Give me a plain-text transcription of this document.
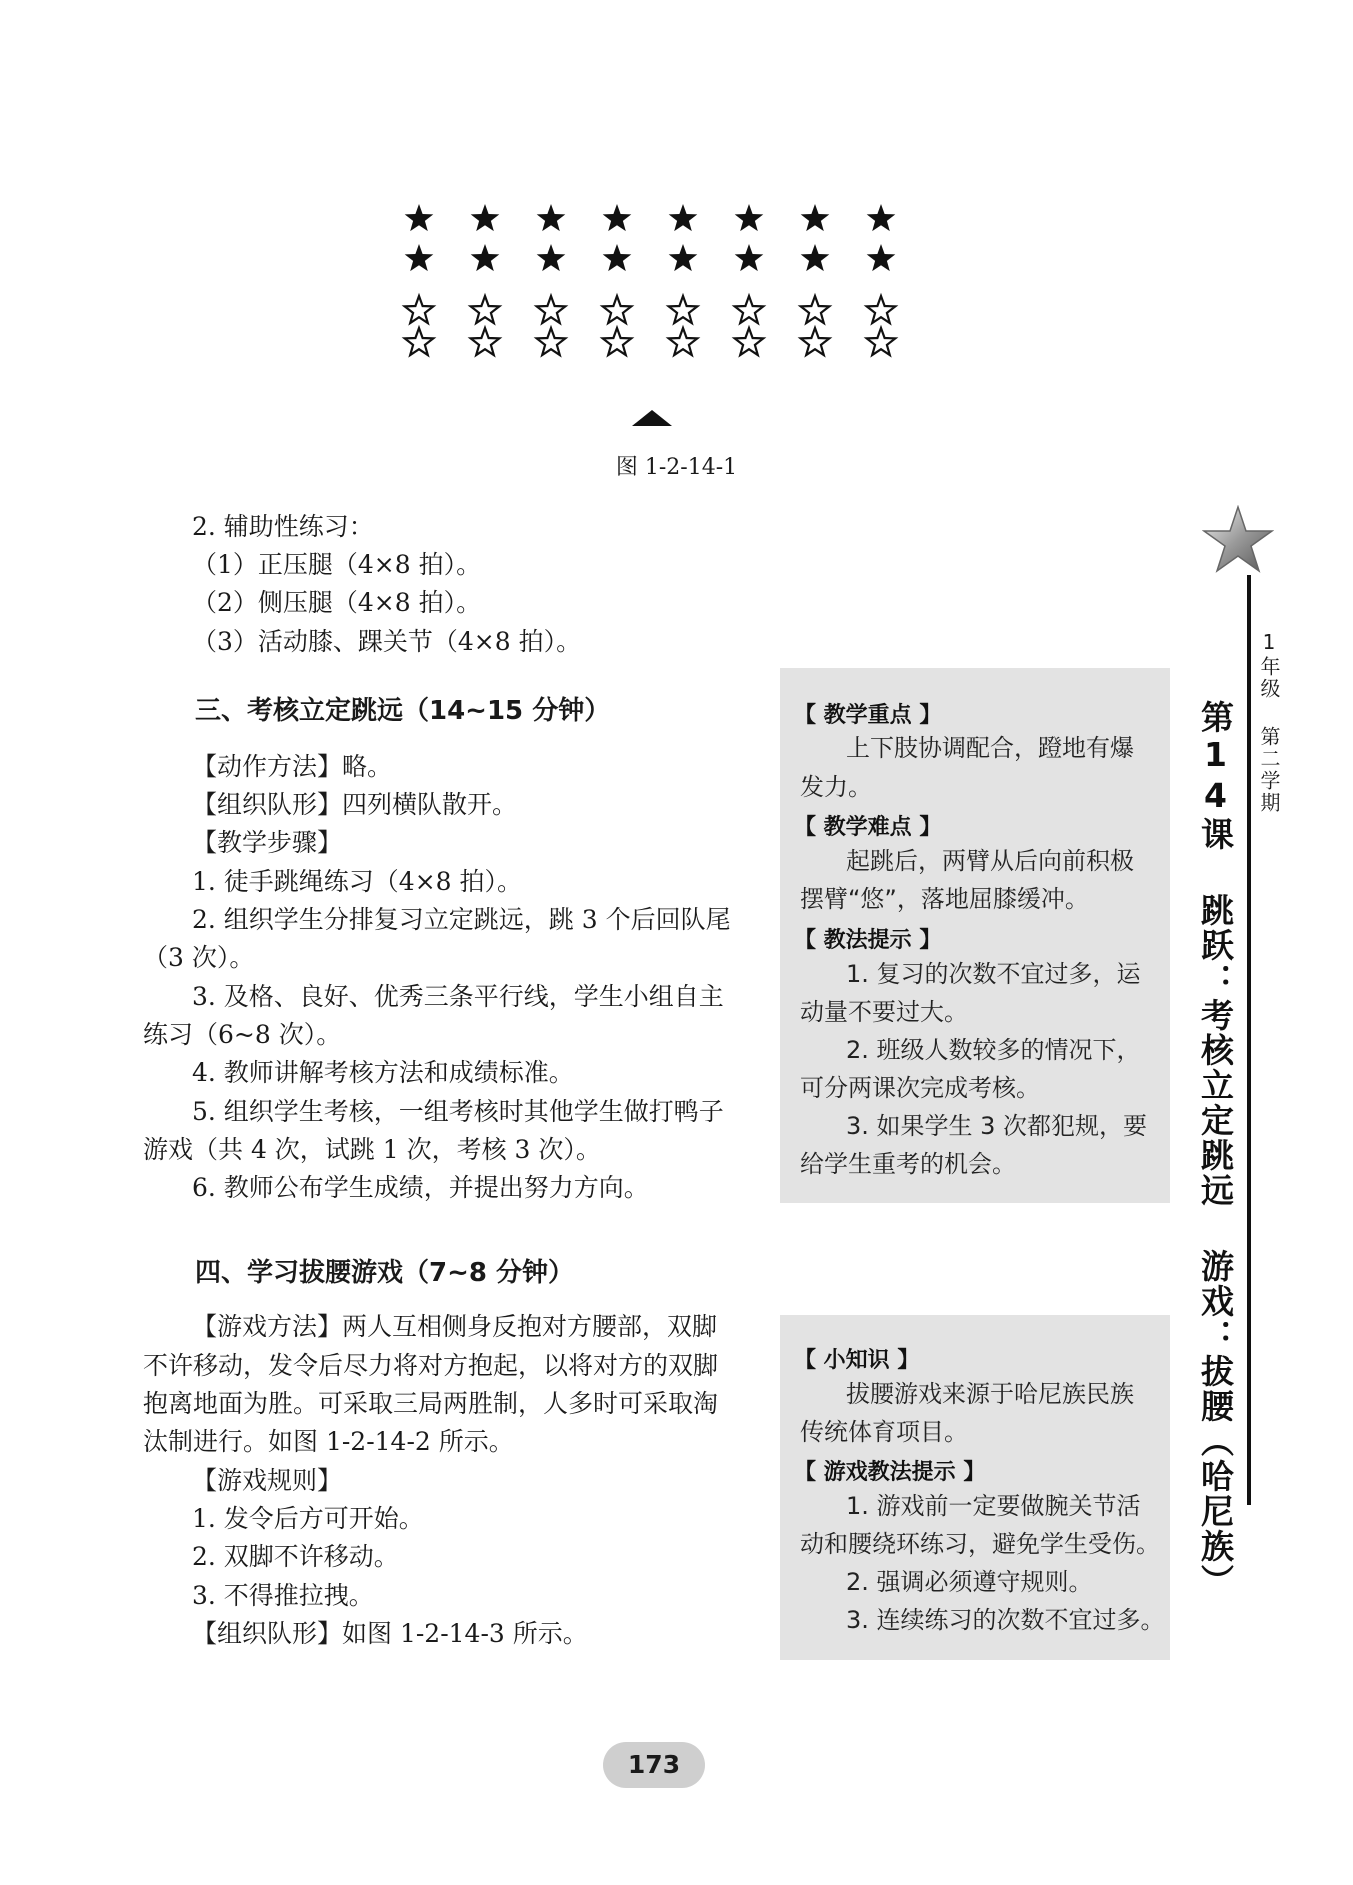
图 1-2-14-1
2. 辅助性练习：
（1）正压腿（4×8 拍）。
（2）侧压腿（4×8 拍）。
（3）活动膝、踝关节（4×8 拍）。
三、考核立定跳远（14~15 分钟）
【动作方法】略。
【组织队形】四列横队散开。
【教学步骤】
1. 徒手跳绳练习（4×8 拍）。
2. 组织学生分排复习立定跳远，跳 3 个后回队尾
（3 次）。
3. 及格、良好、优秀三条平行线，学生小组自主
练习（6~8 次）。
4. 教师讲解考核方法和成绩标准。
5. 组织学生考核，一组考核时其他学生做打鸭子
游戏（共 4 次，试跳 1 次，考核 3 次）。
6. 教师公布学生成绩，并提出努力方向。
四、学习拔腰游戏（7~8 分钟）
【游戏方法】两人互相侧身反抱对方腰部，双脚
不许移动，发令后尽力将对方抱起，以将对方的双脚
抱离地面为胜。可采取三局两胜制，人多时可采取淘
汰制进行。如图 1-2-14-2 所示。
【游戏规则】
1. 发令后方可开始。
2. 双脚不许移动。
3. 不得推拉拽。
【组织队形】如图 1-2-14-3 所示。
【 教学重点 】
上下肢协调配合，蹬地有爆
发力。
【 教学难点 】
起跳后，两臂从后向前积极
摆臂“悠”，落地屈膝缓冲。
【 教法提示 】
1. 复习的次数不宜过多，运
动量不要过大。
2. 班级人数较多的情况下，
可分两课次完成考核。
3. 如果学生 3 次都犯规，要
给学生重考的机会。
【 小知识 】
拔腰游戏来源于哈尼族民族
传统体育项目。
【 游戏教法提示 】
1. 游戏前一定要做腕关节活
动和腰绕环练习，避免学生受伤。
2. 强调必须遵守规则。
3. 连续练习的次数不宜过多。
1年级 第二学期
第14课 跳跃：考核立定跳远 游戏：拔腰（哈尼族）
173
